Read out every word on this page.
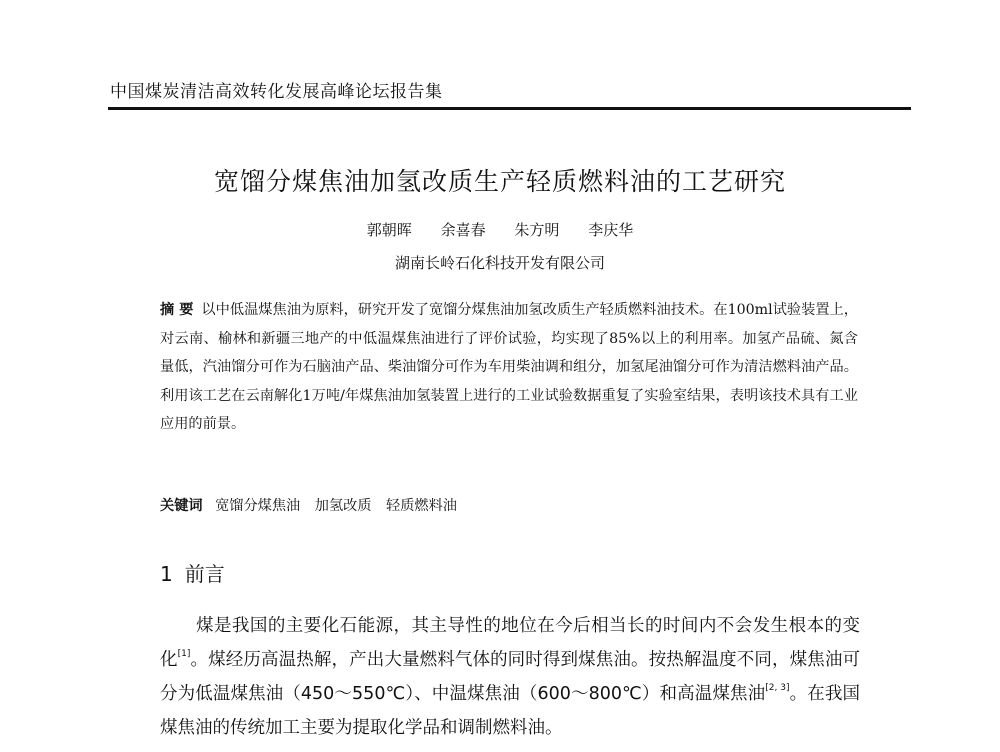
中国煤炭清洁高效转化发展高峰论坛报告集
宽馏分煤焦油加氢改质生产轻质燃料油的工艺研究
郭朝晖 余喜春 朱方明 李庆华
湖南长岭石化科技开发有限公司
摘 要 以中低温煤焦油为原料，研究开发了宽馏分煤焦油加氢改质生产轻质燃料油技术。在100ml试验装置上，对云南、榆林和新疆三地产的中低温煤焦油进行了评价试验，均实现了85%以上的利用率。加氢产品硫、氮含量低，汽油馏分可作为石脑油产品、柴油馏分可作为车用柴油调和组分，加氢尾油馏分可作为清洁燃料油产品。利用该工艺在云南解化1万吨/年煤焦油加氢装置上进行的工业试验数据重复了实验室结果，表明该技术具有工业应用的前景。
关键词 宽馏分煤焦油 加氢改质 轻质燃料油
1 前言
煤是我国的主要化石能源，其主导性的地位在今后相当长的时间内不会发生根本的变化[1]。煤经历高温热解，产出大量燃料气体的同时得到煤焦油。按热解温度不同，煤焦油可分为低温煤焦油（450～550℃）、中温煤焦油（600～800℃）和高温煤焦油[2, 3]。在我国煤焦油的传统加工主要为提取化学品和调制燃料油。
